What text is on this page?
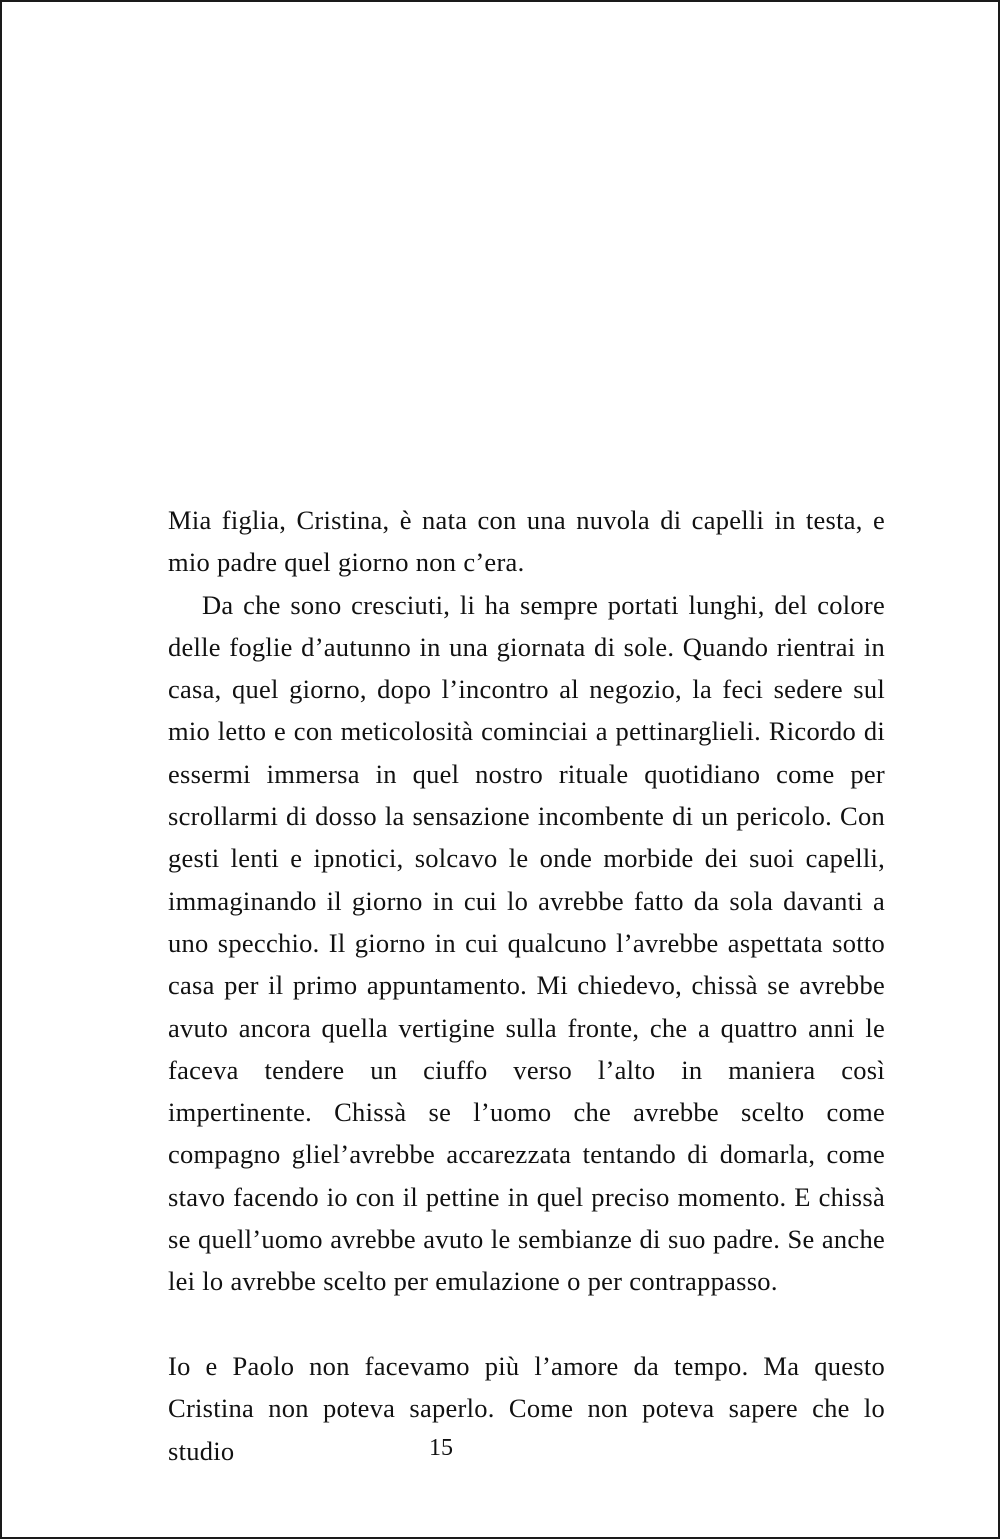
Mia figlia, Cristina, è nata con una nuvola di capelli in testa, e mio padre quel giorno non c’era.

Da che sono cresciuti, li ha sempre portati lunghi, del colore delle foglie d’autunno in una giornata di sole. Quando rientrai in casa, quel giorno, dopo l’incontro al negozio, la feci sedere sul mio letto e con meticolosità cominciai a pettinarglieli. Ricordo di essermi immersa in quel nostro rituale quotidiano come per scrollarmi di dosso la sensazione incombente di un pericolo. Con gesti lenti e ipnotici, solcavo le onde morbide dei suoi capelli, immaginando il giorno in cui lo avrebbe fatto da sola davanti a uno specchio. Il giorno in cui qualcuno l’avrebbe aspettata sotto casa per il primo appuntamento. Mi chiedevo, chissà se avrebbe avuto ancora quella vertigine sulla fronte, che a quattro anni le faceva tendere un ciuffo verso l’alto in maniera così impertinente. Chissà se l’uomo che avrebbe scelto come compagno gliel’avrebbe accarezzata tentando di domarla, come stavo facendo io con il pettine in quel preciso momento. E chissà se quell’uomo avrebbe avuto le sembianze di suo padre. Se anche lei lo avrebbe scelto per emulazione o per contrappasso.

Io e Paolo non facevamo più l’amore da tempo. Ma questo Cristina non poteva saperlo. Come non poteva sapere che lo studio	15
